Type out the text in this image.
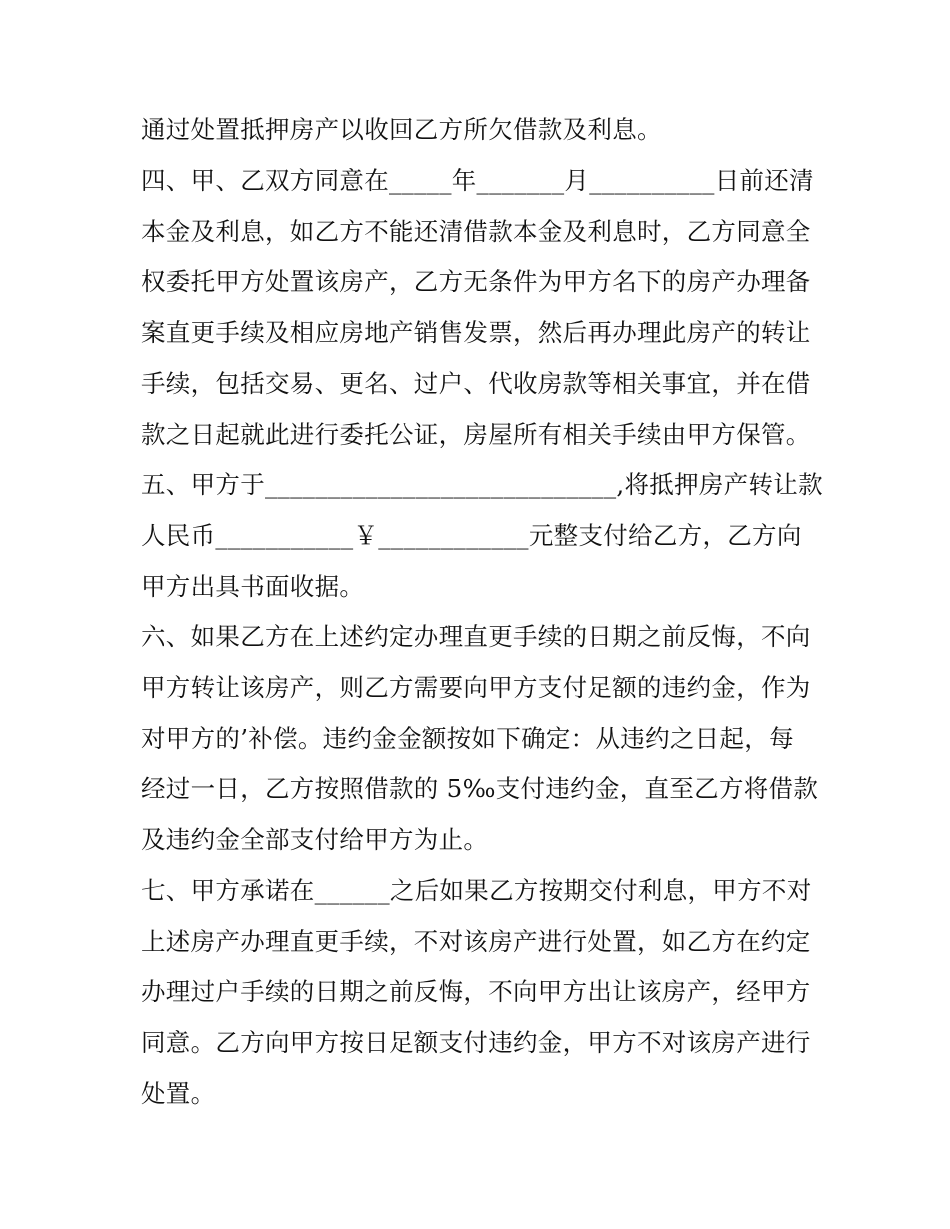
通过处置抵押房产以收回乙方所欠借款及利息。
四、甲、乙双方同意在_____年_______月__________日前还清
本金及利息，如乙方不能还清借款本金及利息时，乙方同意全
权委托甲方处置该房产，乙方无条件为甲方名下的房产办理备
案直更手续及相应房地产销售发票，然后再办理此房产的转让
手续，包括交易、更名、过户、代收房款等相关事宜，并在借
款之日起就此进行委托公证，房屋所有相关手续由甲方保管。
五、甲方于____________________________,将抵押房产转让款
人民币___________￥____________元整支付给乙方，乙方向
甲方出具书面收据。
六、如果乙方在上述约定办理直更手续的日期之前反悔，不向
甲方转让该房产，则乙方需要向甲方支付足额的违约金，作为
对甲方的’补偿。违约金金额按如下确定：从违约之日起，每
经过一日，乙方按照借款的 5‰支付违约金，直至乙方将借款
及违约金全部支付给甲方为止。
七、甲方承诺在______之后如果乙方按期交付利息，甲方不对
上述房产办理直更手续，不对该房产进行处置，如乙方在约定
办理过户手续的日期之前反悔，不向甲方出让该房产，经甲方
同意。乙方向甲方按日足额支付违约金，甲方不对该房产进行
处置。
